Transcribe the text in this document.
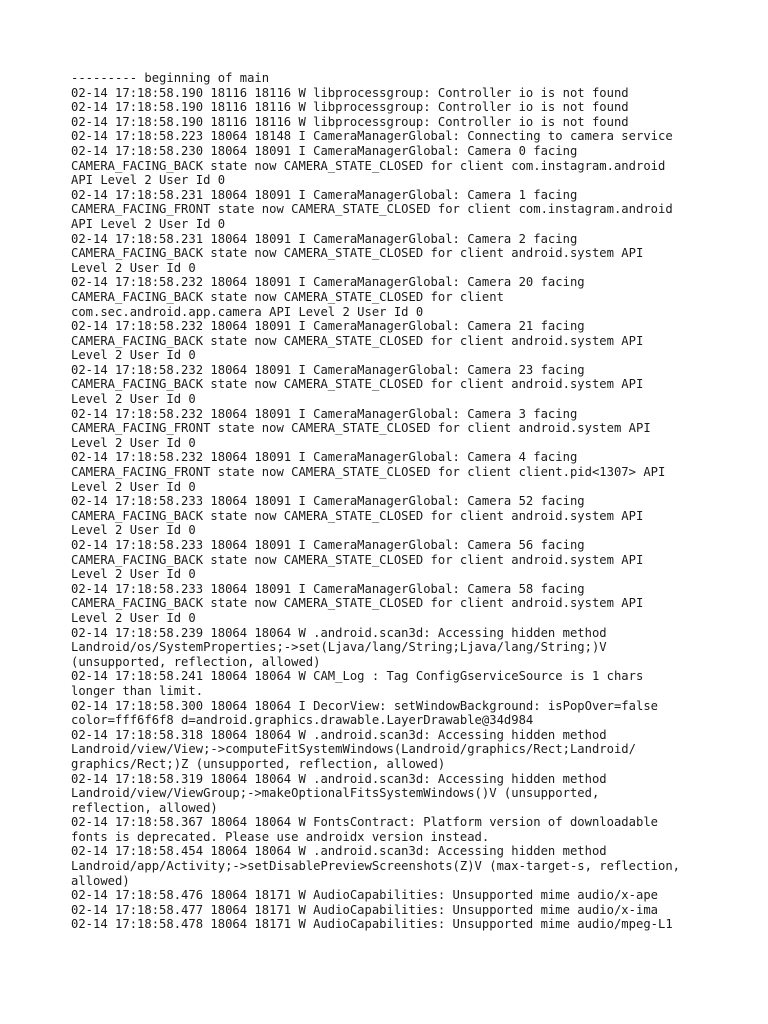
--------- beginning of main
02-14 17:18:58.190 18116 18116 W libprocessgroup: Controller io is not found
02-14 17:18:58.190 18116 18116 W libprocessgroup: Controller io is not found
02-14 17:18:58.190 18116 18116 W libprocessgroup: Controller io is not found
02-14 17:18:58.223 18064 18148 I CameraManagerGlobal: Connecting to camera service
02-14 17:18:58.230 18064 18091 I CameraManagerGlobal: Camera 0 facing
CAMERA_FACING_BACK state now CAMERA_STATE_CLOSED for client com.instagram.android
API Level 2 User Id 0
02-14 17:18:58.231 18064 18091 I CameraManagerGlobal: Camera 1 facing
CAMERA_FACING_FRONT state now CAMERA_STATE_CLOSED for client com.instagram.android
API Level 2 User Id 0
02-14 17:18:58.231 18064 18091 I CameraManagerGlobal: Camera 2 facing
CAMERA_FACING_BACK state now CAMERA_STATE_CLOSED for client android.system API
Level 2 User Id 0
02-14 17:18:58.232 18064 18091 I CameraManagerGlobal: Camera 20 facing
CAMERA_FACING_BACK state now CAMERA_STATE_CLOSED for client
com.sec.android.app.camera API Level 2 User Id 0
02-14 17:18:58.232 18064 18091 I CameraManagerGlobal: Camera 21 facing
CAMERA_FACING_BACK state now CAMERA_STATE_CLOSED for client android.system API
Level 2 User Id 0
02-14 17:18:58.232 18064 18091 I CameraManagerGlobal: Camera 23 facing
CAMERA_FACING_BACK state now CAMERA_STATE_CLOSED for client android.system API
Level 2 User Id 0
02-14 17:18:58.232 18064 18091 I CameraManagerGlobal: Camera 3 facing
CAMERA_FACING_FRONT state now CAMERA_STATE_CLOSED for client android.system API
Level 2 User Id 0
02-14 17:18:58.232 18064 18091 I CameraManagerGlobal: Camera 4 facing
CAMERA_FACING_FRONT state now CAMERA_STATE_CLOSED for client client.pid<1307> API
Level 2 User Id 0
02-14 17:18:58.233 18064 18091 I CameraManagerGlobal: Camera 52 facing
CAMERA_FACING_BACK state now CAMERA_STATE_CLOSED for client android.system API
Level 2 User Id 0
02-14 17:18:58.233 18064 18091 I CameraManagerGlobal: Camera 56 facing
CAMERA_FACING_BACK state now CAMERA_STATE_CLOSED for client android.system API
Level 2 User Id 0
02-14 17:18:58.233 18064 18091 I CameraManagerGlobal: Camera 58 facing
CAMERA_FACING_BACK state now CAMERA_STATE_CLOSED for client android.system API
Level 2 User Id 0
02-14 17:18:58.239 18064 18064 W .android.scan3d: Accessing hidden method
Landroid/os/SystemProperties;->set(Ljava/lang/String;Ljava/lang/String;)V
(unsupported, reflection, allowed)
02-14 17:18:58.241 18064 18064 W CAM_Log : Tag ConfigGserviceSource is 1 chars
longer than limit.
02-14 17:18:58.300 18064 18064 I DecorView: setWindowBackground: isPopOver=false
color=fff6f6f8 d=android.graphics.drawable.LayerDrawable@34d984
02-14 17:18:58.318 18064 18064 W .android.scan3d: Accessing hidden method
Landroid/view/View;->computeFitSystemWindows(Landroid/graphics/Rect;Landroid/
graphics/Rect;)Z (unsupported, reflection, allowed)
02-14 17:18:58.319 18064 18064 W .android.scan3d: Accessing hidden method
Landroid/view/ViewGroup;->makeOptionalFitsSystemWindows()V (unsupported,
reflection, allowed)
02-14 17:18:58.367 18064 18064 W FontsContract: Platform version of downloadable
fonts is deprecated. Please use androidx version instead.
02-14 17:18:58.454 18064 18064 W .android.scan3d: Accessing hidden method
Landroid/app/Activity;->setDisablePreviewScreenshots(Z)V (max-target-s, reflection,
allowed)
02-14 17:18:58.476 18064 18171 W AudioCapabilities: Unsupported mime audio/x-ape
02-14 17:18:58.477 18064 18171 W AudioCapabilities: Unsupported mime audio/x-ima
02-14 17:18:58.478 18064 18171 W AudioCapabilities: Unsupported mime audio/mpeg-L1
